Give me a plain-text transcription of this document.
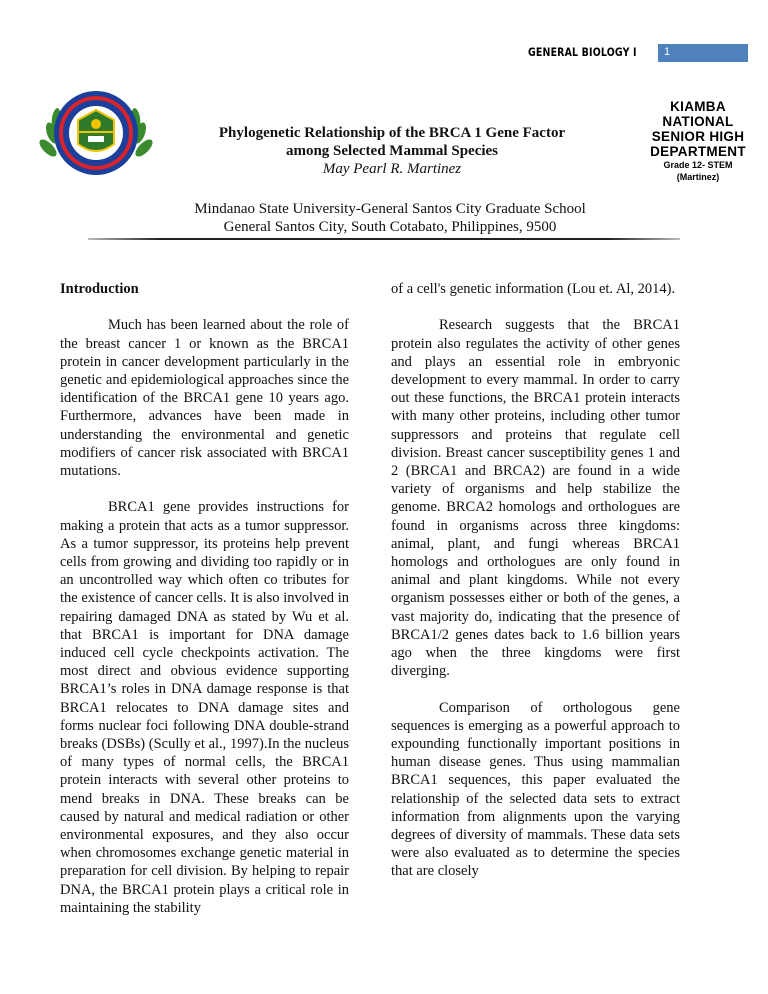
GENERAL BIOLOGY I 1
Phylogenetic Relationship of the BRCA 1 Gene Factor
among Selected Mammal Species
May Pearl R. Martinez
KIAMBA
NATIONAL
SENIOR HIGH
DEPARTMENT
Grade 12- STEM
(Martinez)
Mindanao State University-General Santos City Graduate School
General Santos City, South Cotabato, Philippines, 9500
Introduction

Much has been learned about the role of the breast cancer 1 or known as the BRCA1 protein in cancer development particularly in the genetic and epidemiological approaches since the identification of the BRCA1 gene 10 years ago. Furthermore, advances have been made in understanding the environmental and genetic modifiers of cancer risk associated with BRCA1 mutations.

BRCA1 gene provides instructions for making a protein that acts as a tumor suppressor. As a tumor suppressor, its proteins help prevent cells from growing and dividing too rapidly or in an uncontrolled way which often co tributes for the existence of cancer cells. It is also involved in repairing damaged DNA as stated by Wu et al. that BRCA1 is important for DNA damage induced cell cycle checkpoints activation. The most direct and obvious evidence supporting BRCA1’s roles in DNA damage response is that BRCA1 relocates to DNA damage sites and forms nuclear foci following DNA double-strand breaks (DSBs) (Scully et al., 1997).In the nucleus of many types of normal cells, the BRCA1 protein interacts with several other proteins to mend breaks in DNA. These breaks can be caused by natural and medical radiation or other environmental exposures, and they also occur when chromosomes exchange genetic material in preparation for cell division. By helping to repair DNA, the BRCA1 protein plays a critical role in maintaining the stability

of a cell's genetic information (Lou et. Al, 2014).

Research suggests that the BRCA1 protein also regulates the activity of other genes and plays an essential role in embryonic development to every mammal. In order to carry out these functions, the BRCA1 protein interacts with many other proteins, including other tumor suppressors and proteins that regulate cell division. Breast cancer susceptibility genes 1 and 2 (BRCA1 and BRCA2) are found in a wide variety of organisms and help stabilize the genome. BRCA2 homologs and orthologues are found in organisms across three kingdoms: animal, plant, and fungi whereas BRCA1 homologs and orthologues are only found in animal and plant kingdoms. While not every organism possesses either or both of the genes, a vast majority do, indicating that the presence of BRCA1/2 genes dates back to 1.6 billion years ago when the three kingdoms were first diverging.

Comparison of orthologous gene sequences is emerging as a powerful approach to expounding functionally important positions in human disease genes. Thus using mammalian BRCA1 sequences, this paper evaluated the relationship of the selected data sets to extract information from alignments upon the varying degrees of diversity of mammals. These data sets were also evaluated as to determine the species that are closely
